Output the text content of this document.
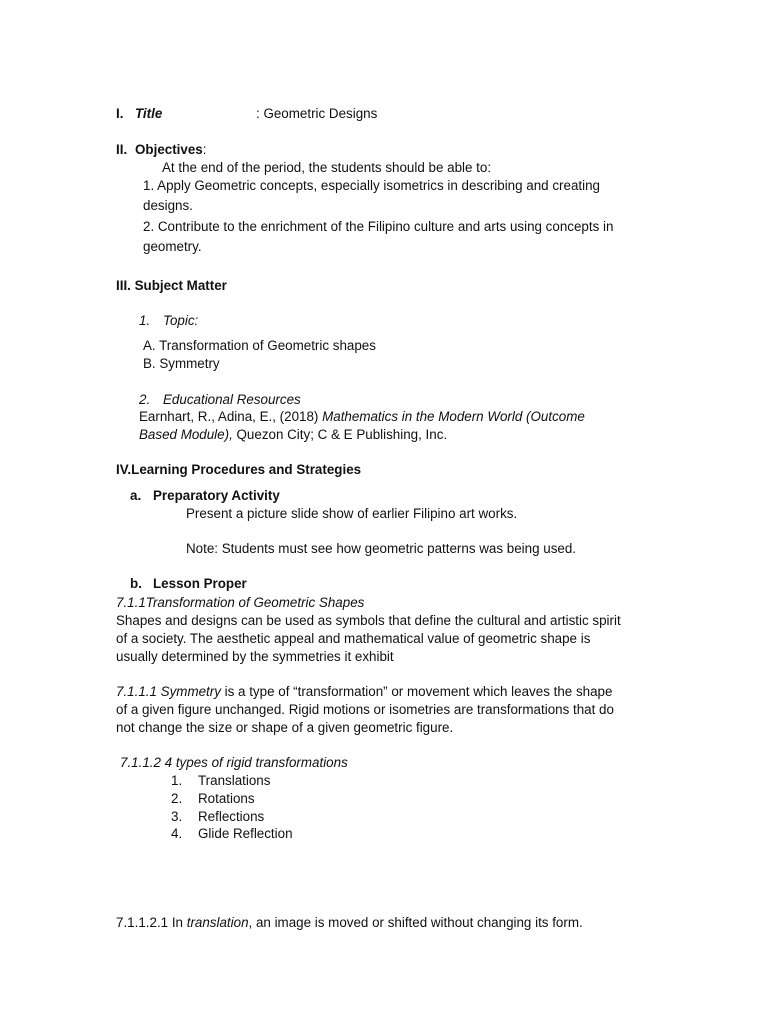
I. Title	: Geometric Designs
II. Objectives:
At the end of the period, the students should be able to:
1. Apply Geometric concepts, especially isometrics in describing and creating
designs.
2. Contribute to the enrichment of the Filipino culture and arts using concepts in
geometry.
III. Subject Matter
1. Topic:
A. Transformation of Geometric shapes
B. Symmetry
2. Educational Resources
Earnhart, R., Adina, E., (2018) Mathematics in the Modern World (Outcome
Based Module), Quezon City; C & E Publishing, Inc.
IV.Learning Procedures and Strategies
a. Preparatory Activity
Present a picture slide show of earlier Filipino art works.
Note: Students must see how geometric patterns was being used.
b. Lesson Proper
7.1.1Transformation of Geometric Shapes
Shapes and designs can be used as symbols that define the cultural and artistic spirit
of a society. The aesthetic appeal and mathematical value of geometric shape is
usually determined by the symmetries it exhibit
7.1.1.1 Symmetry is a type of “transformation” or movement which leaves the shape
of a given figure unchanged. Rigid motions or isometries are transformations that do
not change the size or shape of a given geometric figure.
7.1.1.2 4 types of rigid transformations
1. Translations
2. Rotations
3. Reflections
4. Glide Reflection
7.1.1.2.1 In translation, an image is moved or shifted without changing its form.
